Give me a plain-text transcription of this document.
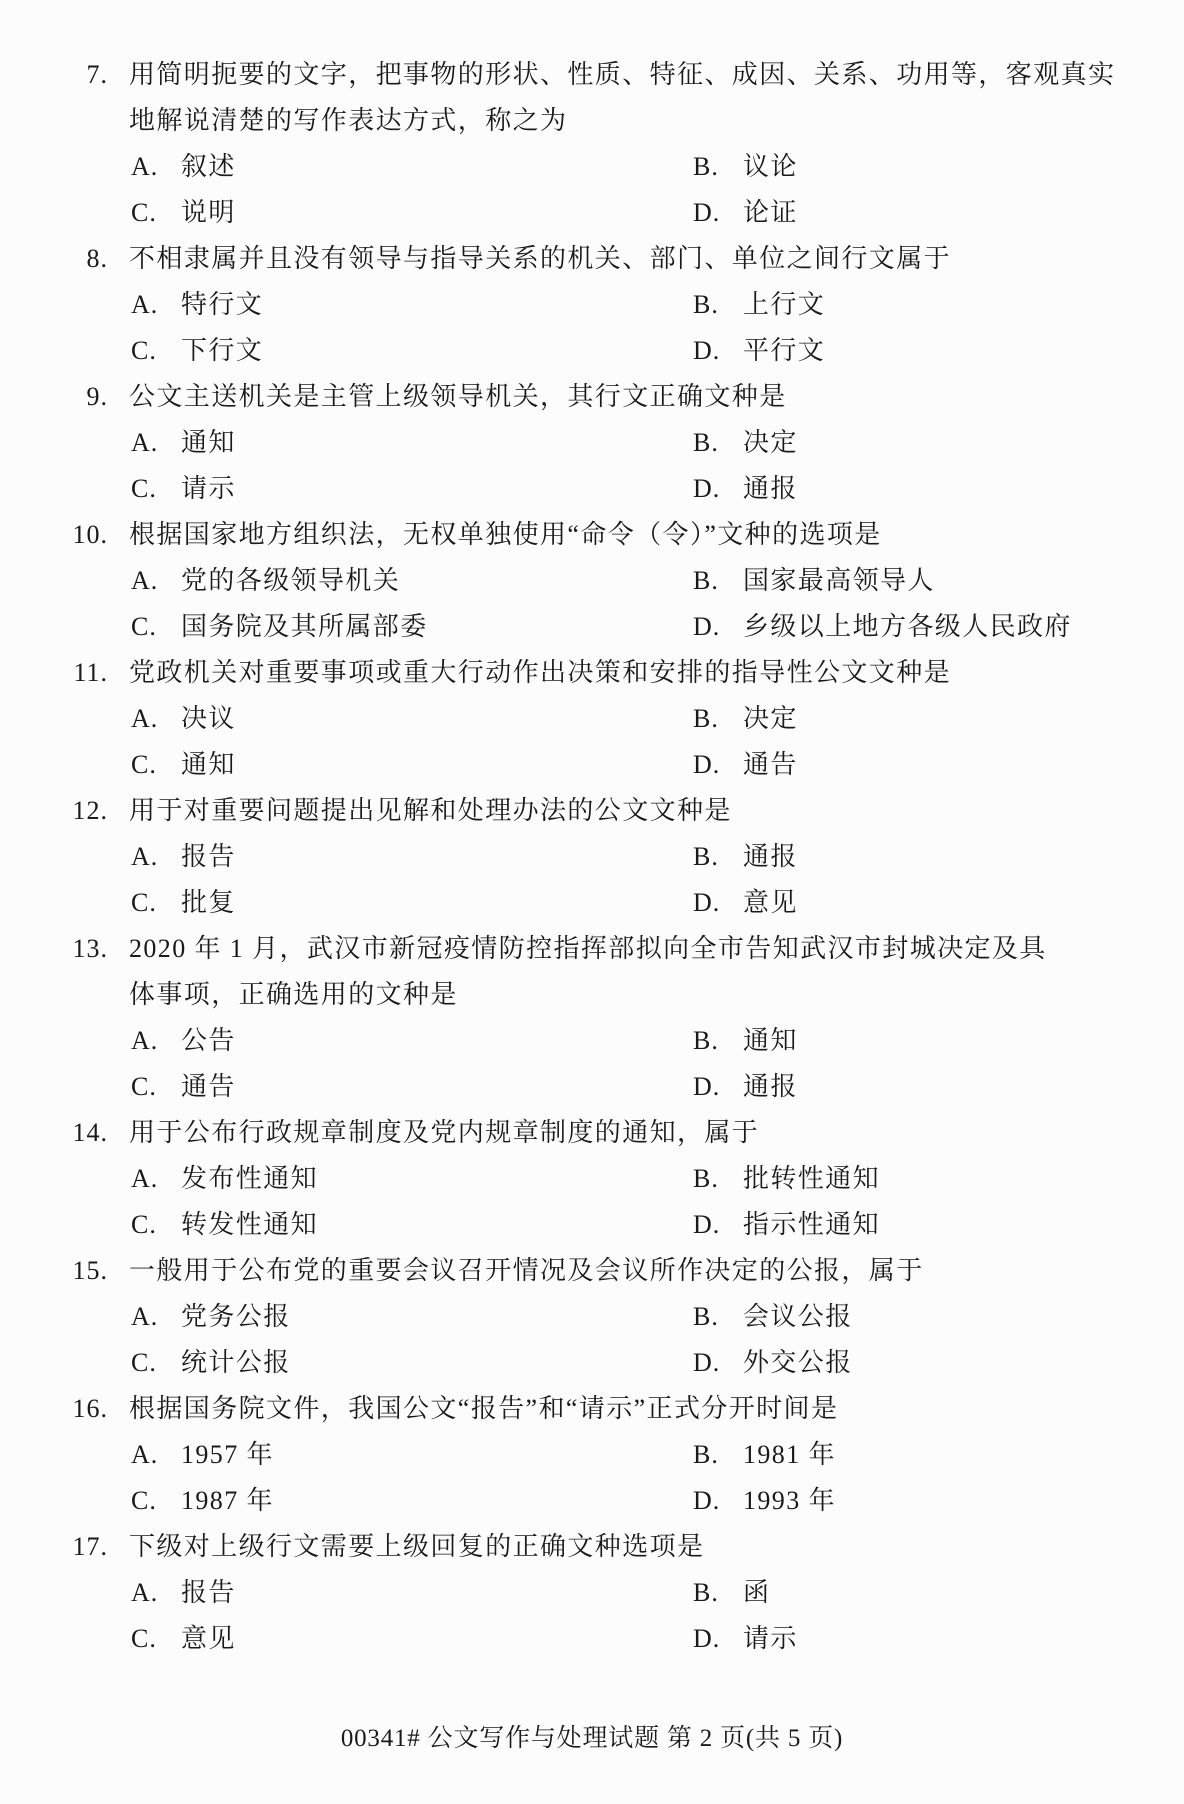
7. 用简明扼要的文字，把事物的形状、性质、特征、成因、关系、功用等，客观真实
地解说清楚的写作表达方式，称之为
A. 叙述	B. 议论
C. 说明	D. 论证
8. 不相隶属并且没有领导与指导关系的机关、部门、单位之间行文属于
A. 特行文	B. 上行文
C. 下行文	D. 平行文
9. 公文主送机关是主管上级领导机关，其行文正确文种是
A. 通知	B. 决定
C. 请示	D. 通报
10. 根据国家地方组织法，无权单独使用“命令（令）”文种的选项是
A. 党的各级领导机关	B. 国家最高领导人
C. 国务院及其所属部委	D. 乡级以上地方各级人民政府
11. 党政机关对重要事项或重大行动作出决策和安排的指导性公文文种是
A. 决议	B. 决定
C. 通知	D. 通告
12. 用于对重要问题提出见解和处理办法的公文文种是
A. 报告	B. 通报
C. 批复	D. 意见
13. 2020 年 1 月，武汉市新冠疫情防控指挥部拟向全市告知武汉市封城决定及具
体事项，正确选用的文种是
A. 公告	B. 通知
C. 通告	D. 通报
14. 用于公布行政规章制度及党内规章制度的通知，属于
A. 发布性通知	B. 批转性通知
C. 转发性通知	D. 指示性通知
15. 一般用于公布党的重要会议召开情况及会议所作决定的公报，属于
A. 党务公报	B. 会议公报
C. 统计公报	D. 外交公报
16. 根据国务院文件，我国公文“报告”和“请示”正式分开时间是
A. 1957 年	B. 1981 年
C. 1987 年	D. 1993 年
17. 下级对上级行文需要上级回复的正确文种选项是
A. 报告	B. 函
C. 意见	D. 请示
00341# 公文写作与处理试题 第 2 页(共 5 页)
